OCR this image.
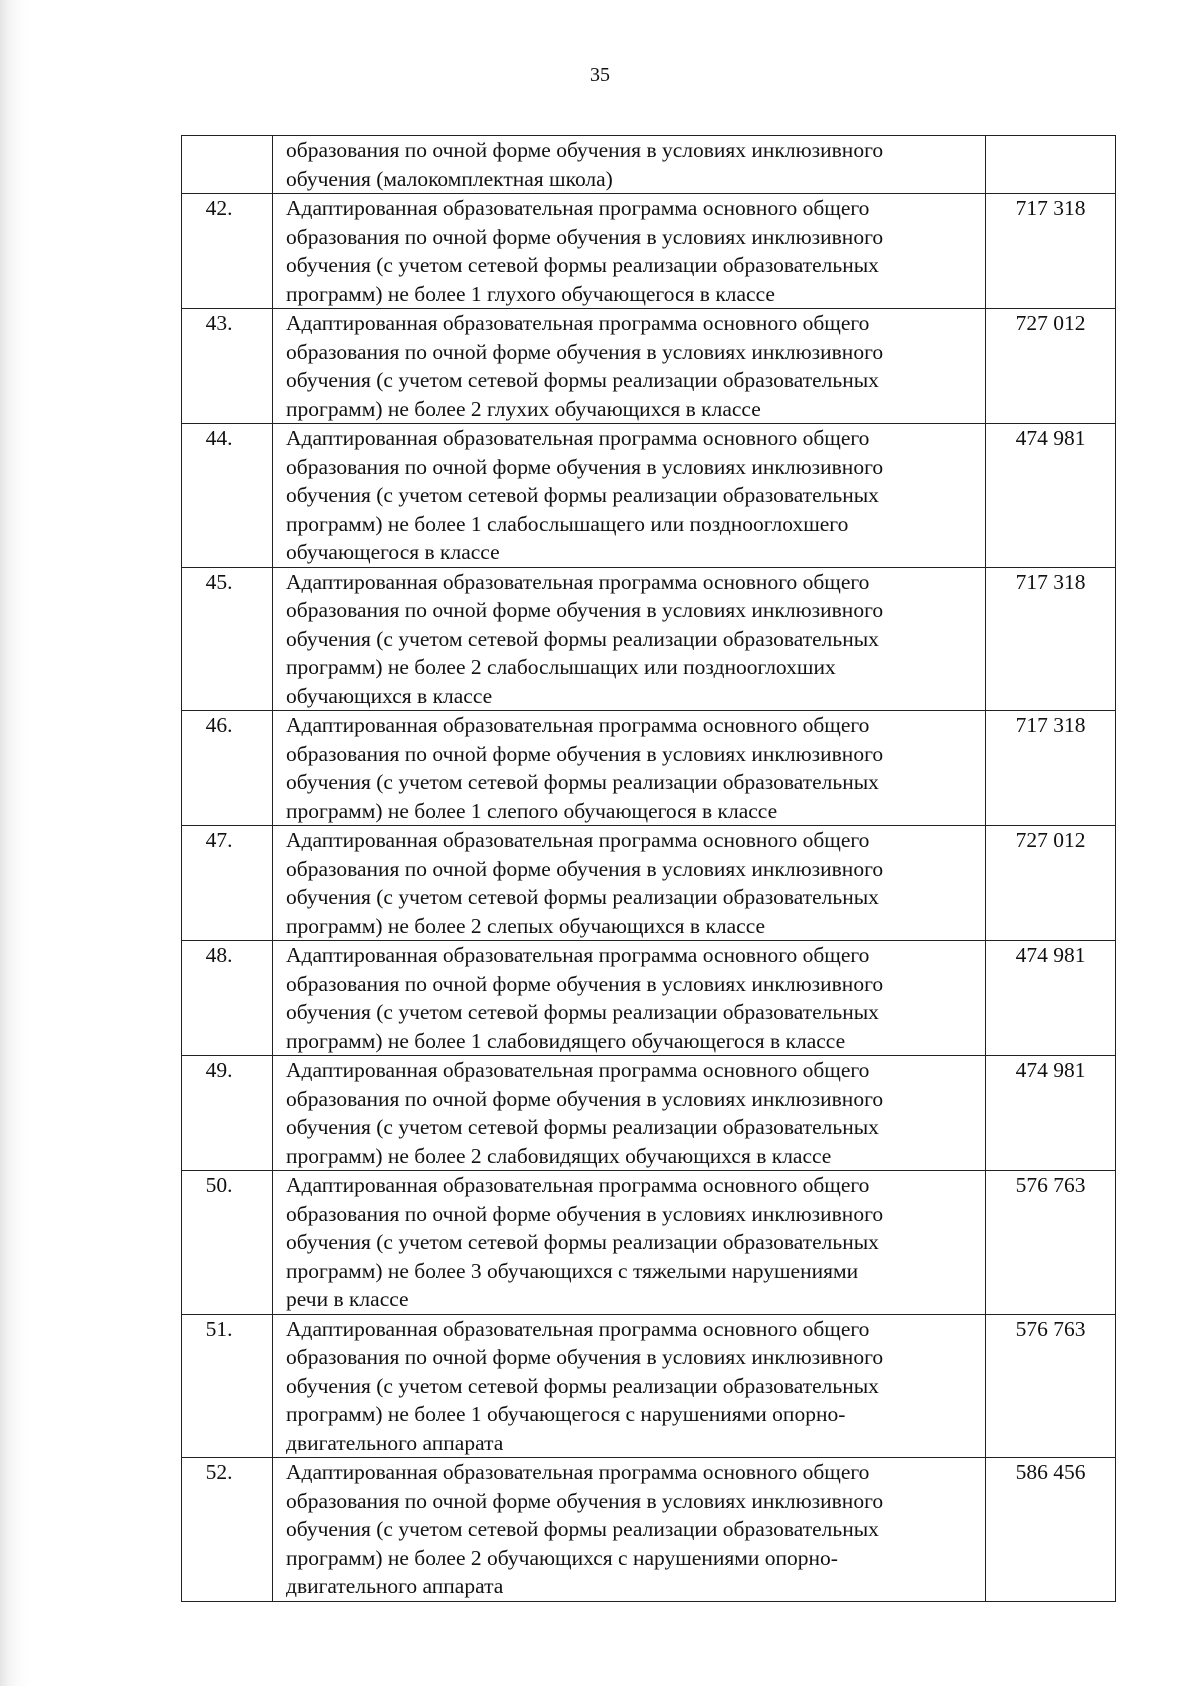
35

	образования по очной форме обучения в условиях инклюзивного
обучения (малокомплектная школа)	

42.	Адаптированная образовательная программа основного общего
образования по очной форме обучения в условиях инклюзивного
обучения (с учетом сетевой формы реализации образовательных
программ) не более 1 глухого обучающегося в классе	717 318
43.	Адаптированная образовательная программа основного общего
образования по очной форме обучения в условиях инклюзивного
обучения (с учетом сетевой формы реализации образовательных
программ) не более 2 глухих обучающихся в классе	727 012
44.	Адаптированная образовательная программа основного общего
образования по очной форме обучения в условиях инклюзивного
обучения (с учетом сетевой формы реализации образовательных
программ) не более 1 слабослышащего или позднооглохшего
обучающегося в классе	474 981
45.	Адаптированная образовательная программа основного общего
образования по очной форме обучения в условиях инклюзивного
обучения (с учетом сетевой формы реализации образовательных
программ) не более 2 слабослышащих или позднооглохших
обучающихся в классе	717 318
46.	Адаптированная образовательная программа основного общего
образования по очной форме обучения в условиях инклюзивного
обучения (с учетом сетевой формы реализации образовательных
программ) не более 1 слепого обучающегося в классе	717 318
47.	Адаптированная образовательная программа основного общего
образования по очной форме обучения в условиях инклюзивного
обучения (с учетом сетевой формы реализации образовательных
программ) не более 2 слепых обучающихся в классе	727 012
48.	Адаптированная образовательная программа основного общего
образования по очной форме обучения в условиях инклюзивного
обучения (с учетом сетевой формы реализации образовательных
программ) не более 1 слабовидящего обучающегося в классе	474 981
49.	Адаптированная образовательная программа основного общего
образования по очной форме обучения в условиях инклюзивного
обучения (с учетом сетевой формы реализации образовательных
программ) не более 2 слабовидящих обучающихся в классе	474 981
50.	Адаптированная образовательная программа основного общего
образования по очной форме обучения в условиях инклюзивного
обучения (с учетом сетевой формы реализации образовательных
программ) не более 3 обучающихся с тяжелыми нарушениями
речи в классе	576 763
51.	Адаптированная образовательная программа основного общего
образования по очной форме обучения в условиях инклюзивного
обучения (с учетом сетевой формы реализации образовательных
программ) не более 1 обучающегося с нарушениями опорно-
двигательного аппарата	576 763
52.	Адаптированная образовательная программа основного общего
образования по очной форме обучения в условиях инклюзивного
обучения (с учетом сетевой формы реализации образовательных
программ) не более 2 обучающихся с нарушениями опорно-
двигательного аппарата	586 456
